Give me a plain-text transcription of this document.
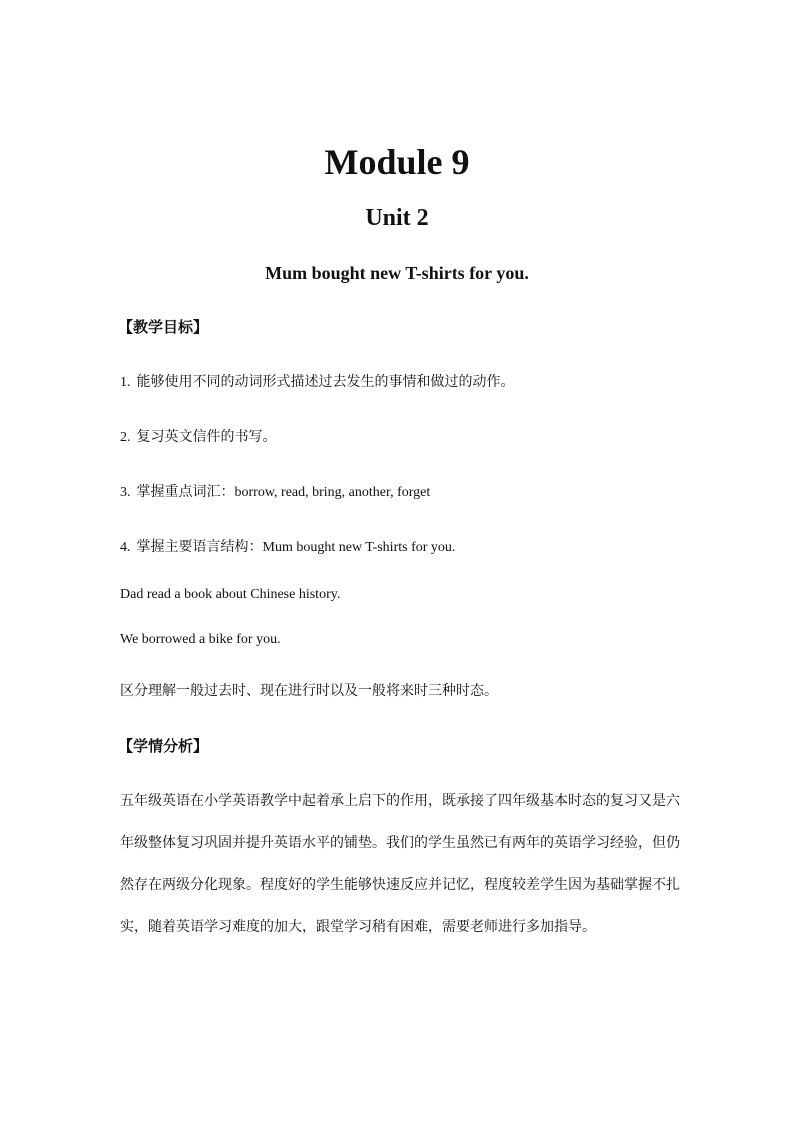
Module 9
Unit 2
Mum bought new T-shirts for you.

【教学目标】

1. 能够使用不同的动词形式描述过去发生的事情和做过的动作。

2. 复习英文信件的书写。

3. 掌握重点词汇：borrow, read, bring, another, forget

4. 掌握主要语言结构：Mum bought new T-shirts for you.

Dad read a book about Chinese history.

We borrowed a bike for you.

区分理解一般过去时、现在进行时以及一般将来时三种时态。

【学情分析】

五年级英语在小学英语教学中起着承上启下的作用，既承接了四年级基本时态的复习又是六年级整体复习巩固并提升英语水平的铺垫。我们的学生虽然已有两年的英语学习经验，但仍然存在两级分化现象。程度好的学生能够快速反应并记忆，程度较差学生因为基础掌握不扎实，随着英语学习难度的加大，跟堂学习稍有困难，需要老师进行多加指导。
